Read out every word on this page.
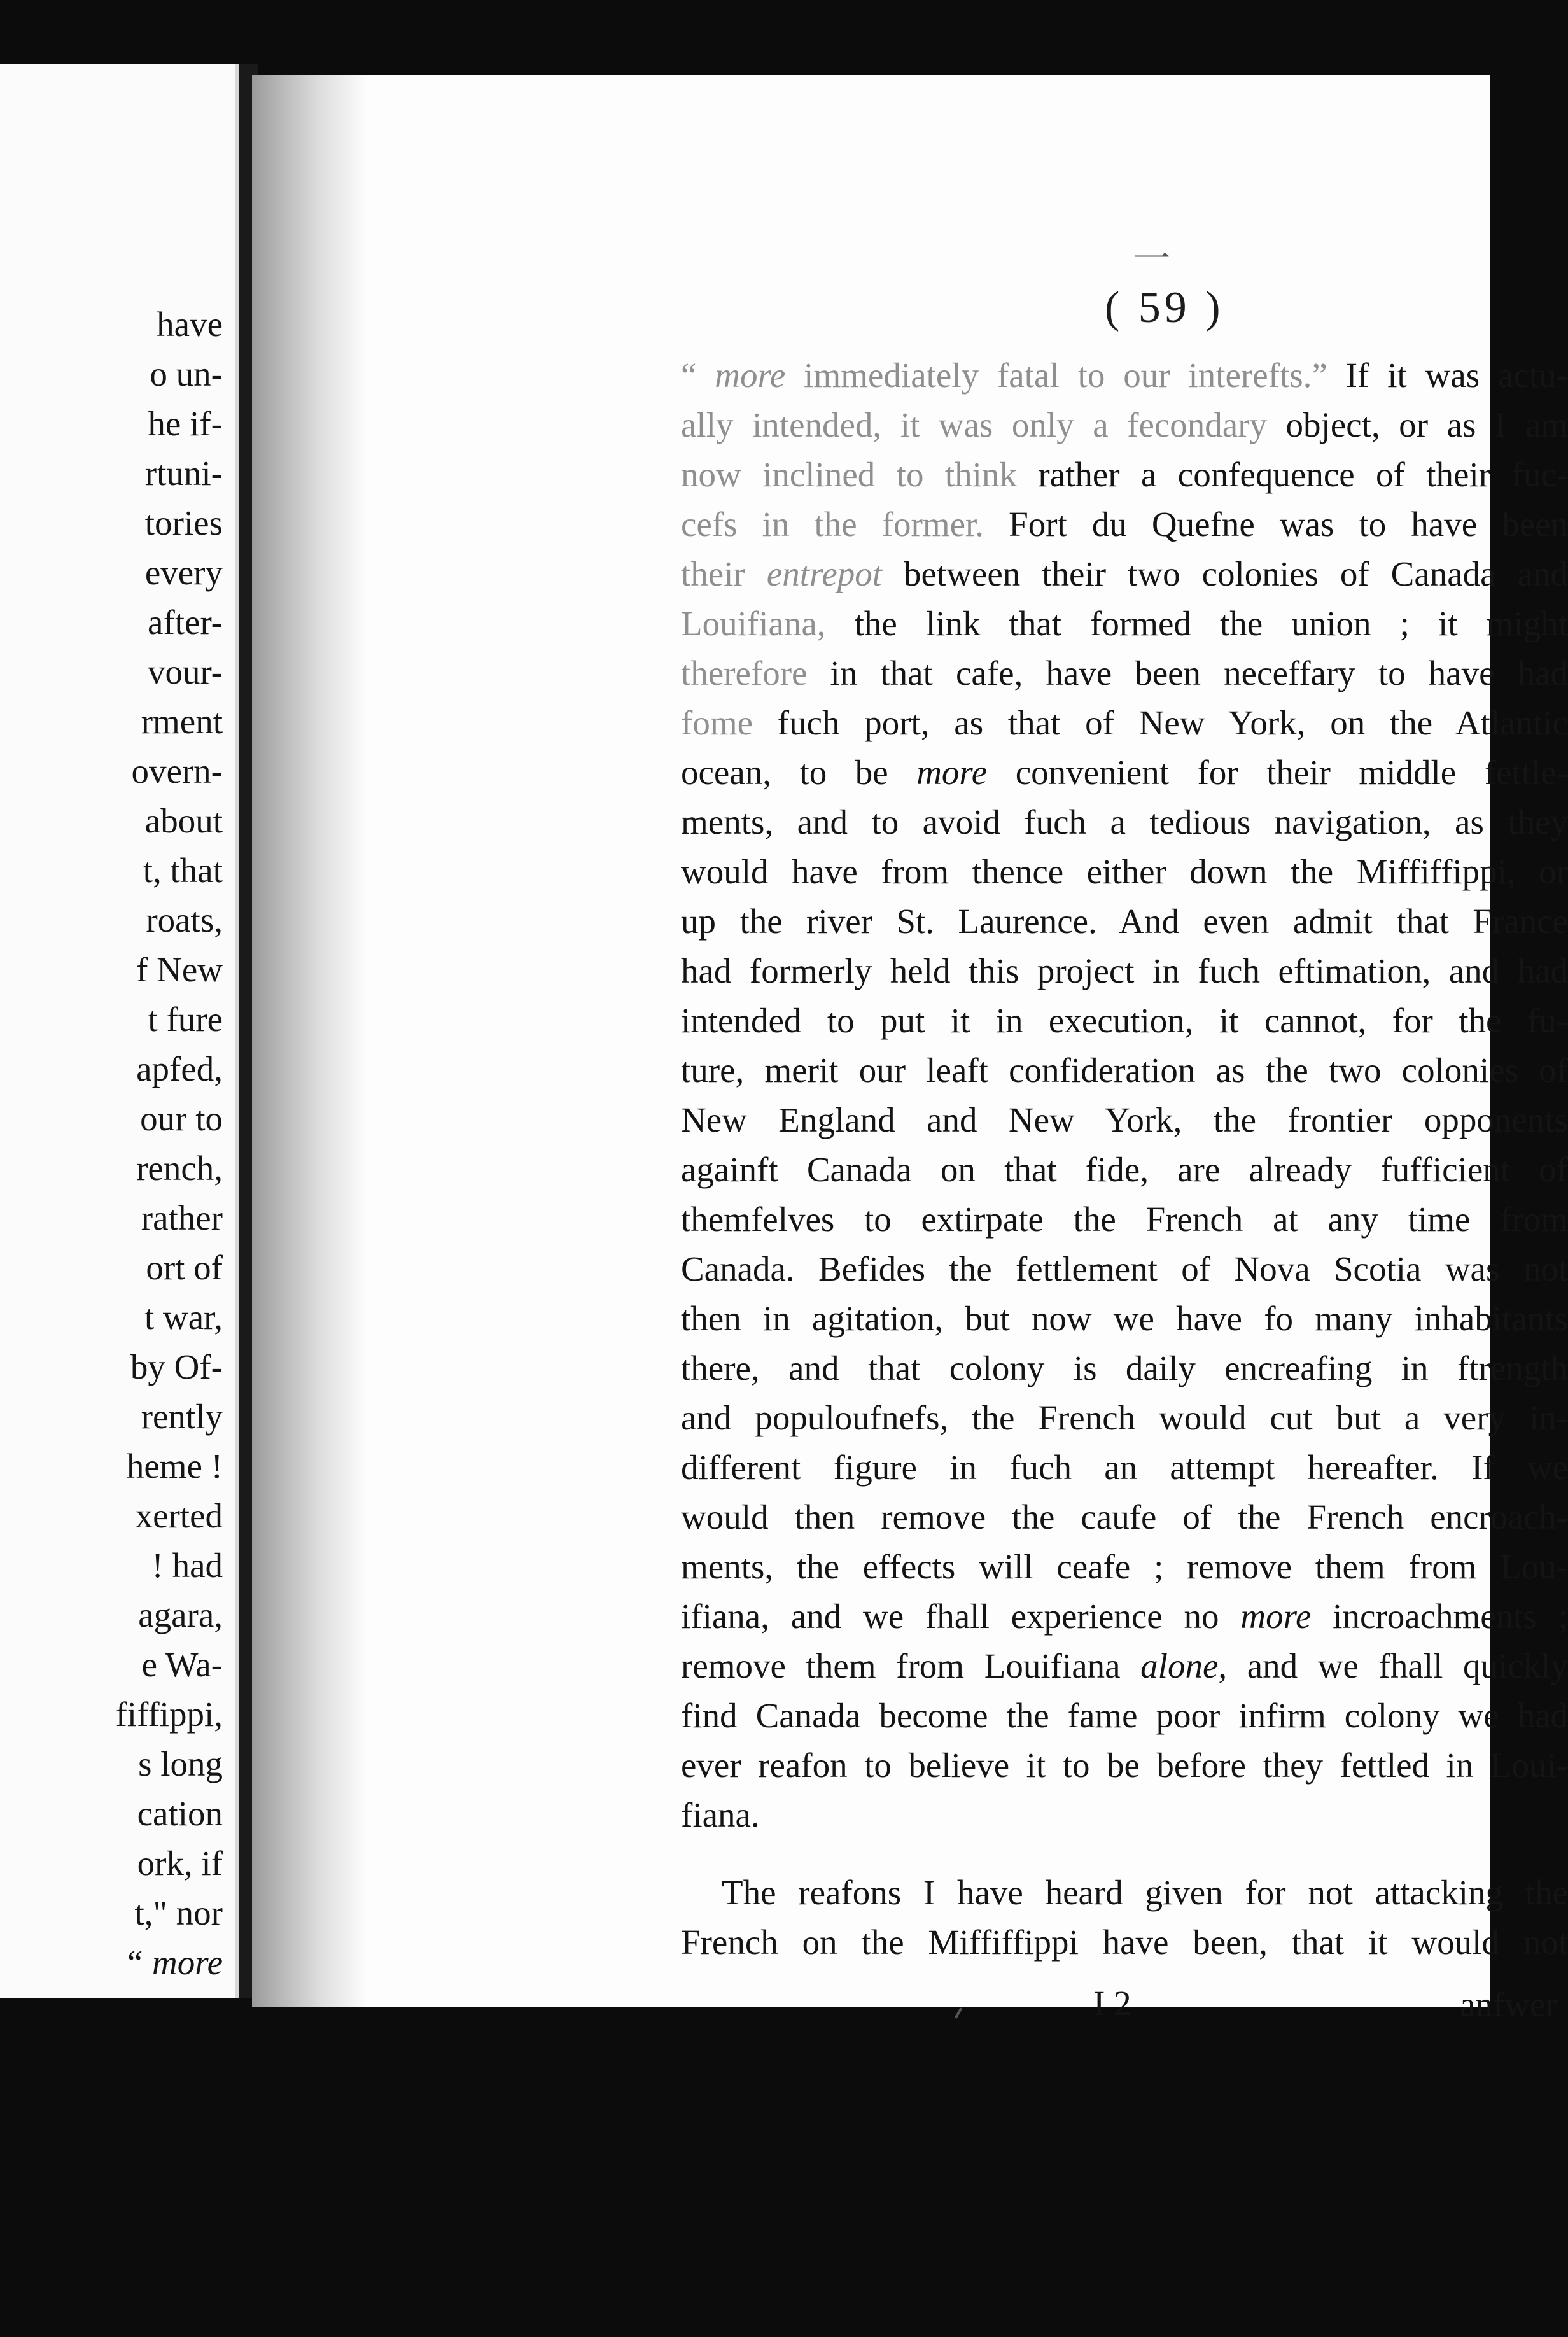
have
o un-
he if-
rtuni-
tories
every
after-
vour-
rment
overn-
about
t, that
roats,
f New
t fure
apfed,
our to
rench,
rather
ort of
t war,
by Of-
rently
heme !
xerted
! had
agara,
e Wa-
fiffippi,
s long
cation
ork, if
t," nor
“ more
㆒
( 59 )
“ more immediately fatal to our interefts.” If it was actu-
ally intended, it was only a fecondary object, or as I am
now inclined to think rather a confequence of their fuc-
cefs in the former. Fort du Quefne was to have been
their entrepot between their two colonies of Canada and
Louifiana, the link that formed the union ; it might
therefore in that cafe, have been neceffary to have had
fome fuch port, as that of New York, on the Atlantic
ocean, to be more convenient for their middle fettle-
ments, and to avoid fuch a tedious navigation, as they
would have from thence either down the Miffiffippi, or
up the river St. Laurence. And even admit that France
had formerly held this project in fuch eftimation, and had
intended to put it in execution, it cannot, for the fu-
ture, merit our leaft confideration as the two colonies of
New England and New York, the frontier opponents
againft Canada on that fide, are already fufficient of
themfelves to extirpate the French at any time from
Canada. Befides the fettlement of Nova Scotia was not
then in agitation, but now we have fo many inhabitants
there, and that colony is daily encreafing in ftrength
and populoufnefs, the French would cut but a very in-
different figure in fuch an attempt hereafter. If we
would then remove the caufe of the French encroach-
ments, the effects will ceafe ; remove them from Lou-
ifiana, and we fhall experience no more incroachments ;
remove them from Louifiana alone, and we fhall quickly
find Canada become the fame poor infirm colony we had
ever reafon to believe it to be before they fettled in Loui-
fiana.
The reafons I have heard given for not attacking the
French on the Miffiffippi have been, that it would not
I 2	anfwer
